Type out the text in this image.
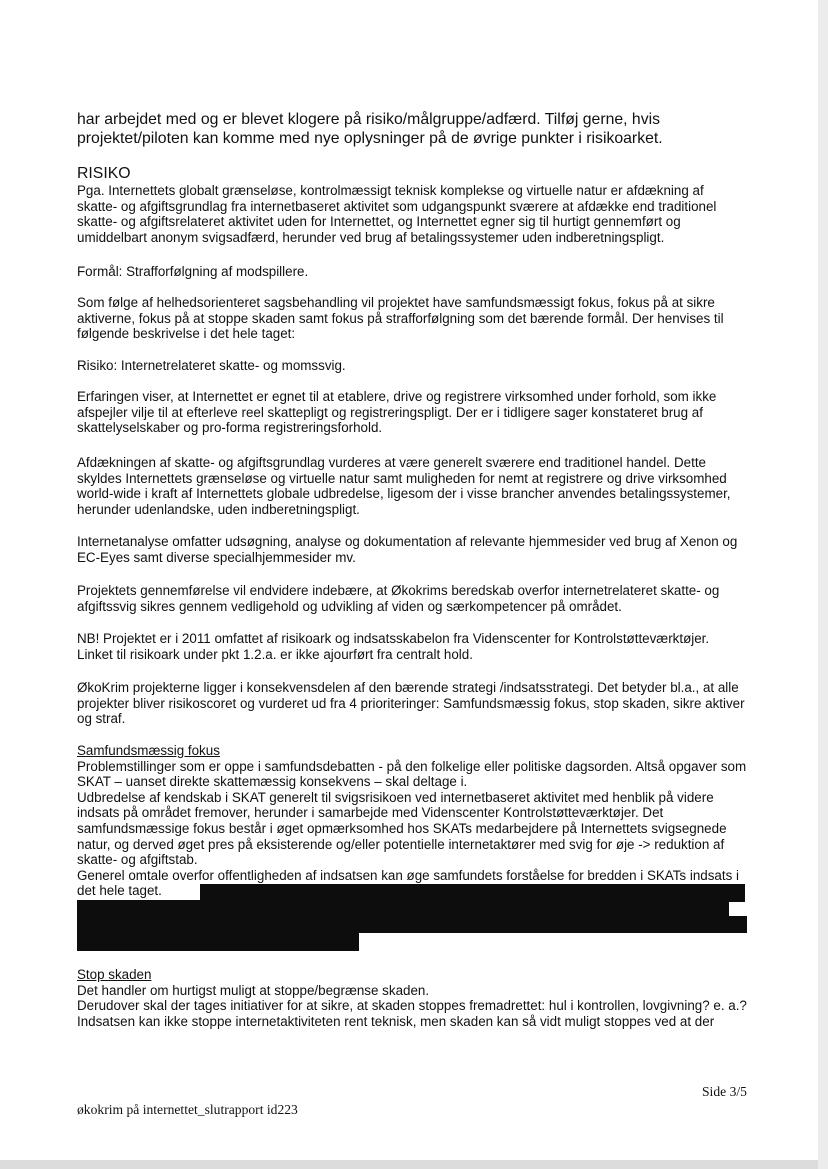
har arbejdet med og er blevet klogere på risiko/målgruppe/adfærd. Tilføj gerne, hvis projektet/piloten kan komme med nye oplysninger på de øvrige punkter i risikoarket.

RISIKO

Pga. Internettets globalt grænseløse, kontrolmæssigt teknisk komplekse og virtuelle natur er afdækning af skatte- og afgiftsgrundlag fra internetbaseret aktivitet som udgangspunkt sværere at afdække end traditionel skatte- og afgiftsrelateret aktivitet uden for Internettet, og Internettet egner sig til hurtigt gennemført og umiddelbart anonym svigsadfærd, herunder ved brug af betalingssystemer uden indberetningspligt.

Formål: Strafforfølgning af modspillere.

Som følge af helhedsorienteret sagsbehandling vil projektet have samfundsmæssigt fokus, fokus på at sikre aktiverne, fokus på at stoppe skaden samt fokus på strafforfølgning som det bærende formål. Der henvises til følgende beskrivelse i det hele taget:

Risiko: Internetrelateret skatte- og momssvig.

Erfaringen viser, at Internettet er egnet til at etablere, drive og registrere virksomhed under forhold, som ikke afspejler vilje til at efterleve reel skattepligt og registreringspligt. Der er i tidligere sager konstateret brug af skattelyselskaber og pro-forma registreringsforhold.

Afdækningen af skatte- og afgiftsgrundlag vurderes at være generelt sværere end traditionel handel. Dette skyldes Internettets grænseløse og virtuelle natur samt muligheden for nemt at registrere og drive virksomhed world-wide i kraft af Internettets globale udbredelse, ligesom der i visse brancher anvendes betalingssystemer, herunder udenlandske, uden indberetningspligt.

Internetanalyse omfatter udsøgning, analyse og dokumentation af relevante hjemmesider ved brug af Xenon og EC-Eyes samt diverse specialhjemmesider mv.

Projektets gennemførelse vil endvidere indebære, at Økokrims beredskab overfor internetrelateret skatte- og afgiftssvig sikres gennem vedligehold og udvikling af viden og særkompetencer på området.

NB! Projektet er i 2011 omfattet af risikoark og indsatsskabelon fra Videnscenter for Kontrolstøtteværktøjer. Linket til risikoark under pkt 1.2.a. er ikke ajourført fra centralt hold.

ØkoKrim projekterne ligger i konsekvensdelen af den bærende strategi /indsatsstrategi. Det betyder bl.a., at alle projekter bliver risikoscoret og vurderet ud fra 4 prioriteringer: Samfundsmæssig fokus, stop skaden, sikre aktiver og straf.

Samfundsmæssig fokus

Problemstillinger som er oppe i samfundsdebatten - på den folkelige eller politiske dagsorden. Altså opgaver som SKAT – uanset direkte skattemæssig konsekvens – skal deltage i.

Udbredelse af kendskab i SKAT generelt til svigsrisikoen ved internetbaseret aktivitet med henblik på videre indsats på området fremover, herunder i samarbejde med Videnscenter Kontrolstøtteværktøjer. Det samfundsmæssige fokus består i øget opmærksomhed hos SKATs medarbejdere på Internettets svigsegnede natur, og derved øget pres på eksisterende og/eller potentielle internetaktører med svig for øje -> reduktion af skatte- og afgiftstab.

Generel omtale overfor offentligheden af indsatsen kan øge samfundets forståelse for bredden i SKATs indsats i det hele taget.

Stop skaden

Det handler om hurtigst muligt at stoppe/begrænse skaden.

Derudover skal der tages initiativer for at sikre, at skaden stoppes fremadrettet: hul i kontrollen, lovgivning? e. a.?

Indsatsen kan ikke stoppe internetaktiviteten rent teknisk, men skaden kan så vidt muligt stoppes ved at der

Side 3/5
økokrim på internettet_slutrapport id223
